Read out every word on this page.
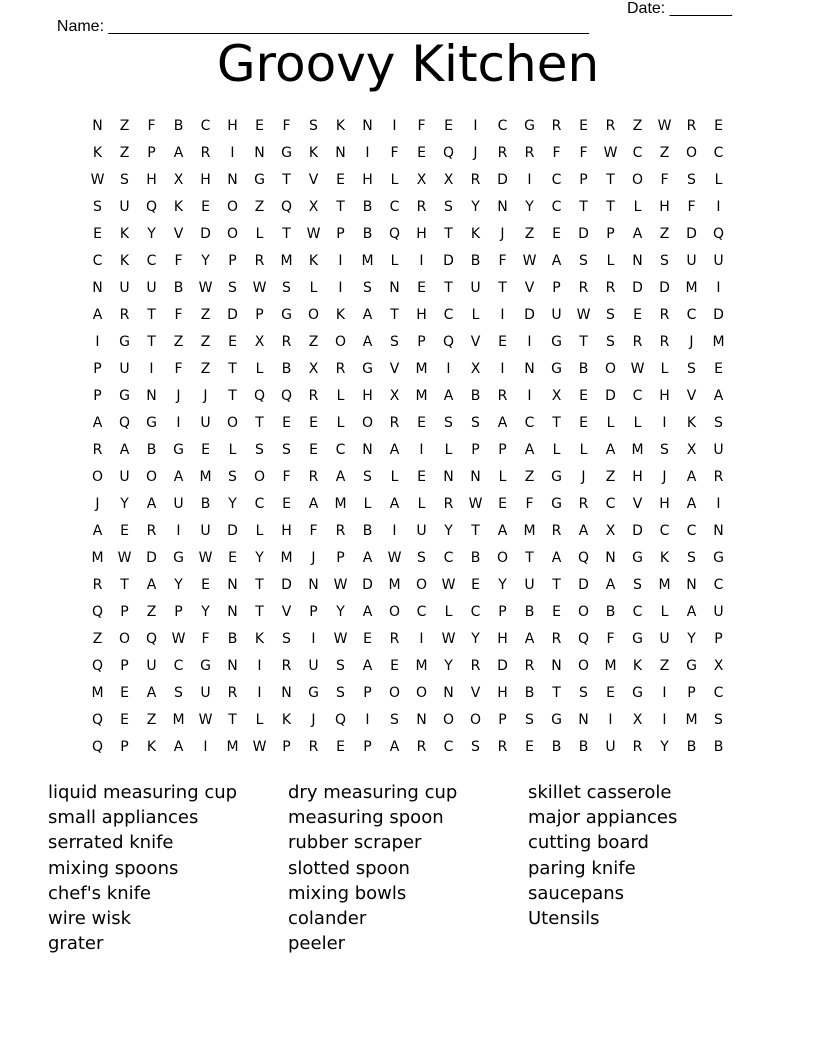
Name: ______________________________________________________

Date: _______

Groovy Kitchen
N	Z	F	B	C	H	E	F	S	K	N	I	F	E	I	C	G	R	E	R	Z	W	R	E
K	Z	P	A	R	I	N	G	K	N	I	F	E	Q	J	R	R	F	F	W	C	Z	O	C
W	S	H	X	H	N	G	T	V	E	H	L	X	X	R	D	I	C	P	T	O	F	S	L
S	U	Q	K	E	O	Z	Q	X	T	B	C	R	S	Y	N	Y	C	T	T	L	H	F	I
E	K	Y	V	D	O	L	T	W	P	B	Q	H	T	K	J	Z	E	D	P	A	Z	D	Q
C	K	C	F	Y	P	R	M	K	I	M	L	I	D	B	F	W	A	S	L	N	S	U	U
N	U	U	B	W	S	W	S	L	I	S	N	E	T	U	T	V	P	R	R	D	D	M	I
A	R	T	F	Z	D	P	G	O	K	A	T	H	C	L	I	D	U	W	S	E	R	C	D
I	G	T	Z	Z	E	X	R	Z	O	A	S	P	Q	V	E	I	G	T	S	R	R	J	M
P	U	I	F	Z	T	L	B	X	R	G	V	M	I	X	I	N	G	B	O	W	L	S	E
P	G	N	J	J	T	Q	Q	R	L	H	X	M	A	B	R	I	X	E	D	C	H	V	A
A	Q	G	I	U	O	T	E	E	L	O	R	E	S	S	A	C	T	E	L	L	I	K	S
R	A	B	G	E	L	S	S	E	C	N	A	I	L	P	P	A	L	L	A	M	S	X	U
O	U	O	A	M	S	O	F	R	A	S	L	E	N	N	L	Z	G	J	Z	H	J	A	R
J	Y	A	U	B	Y	C	E	A	M	L	A	L	R	W	E	F	G	R	C	V	H	A	I
A	E	R	I	U	D	L	H	F	R	B	I	U	Y	T	A	M	R	A	X	D	C	C	N
M	W	D	G	W	E	Y	M	J	P	A	W	S	C	B	O	T	A	Q	N	G	K	S	G
R	T	A	Y	E	N	T	D	N	W	D	M	O	W	E	Y	U	T	D	A	S	M	N	C
Q	P	Z	P	Y	N	T	V	P	Y	A	O	C	L	C	P	B	E	O	B	C	L	A	U
Z	O	Q	W	F	B	K	S	I	W	E	R	I	W	Y	H	A	R	Q	F	G	U	Y	P
Q	P	U	C	G	N	I	R	U	S	A	E	M	Y	R	D	R	N	O	M	K	Z	G	X
M	E	A	S	U	R	I	N	G	S	P	O	O	N	V	H	B	T	S	E	G	I	P	C
Q	E	Z	M	W	T	L	K	J	Q	I	S	N	O	O	P	S	G	N	I	X	I	M	S
Q	P	K	A	I	M	W	P	R	E	P	A	R	C	S	R	E	B	B	U	R	Y	B	B
liquid measuring cup
small appliances
serrated knife
mixing spoons
chef's knife
wire wisk
grater
dry measuring cup
measuring spoon
rubber scraper
slotted spoon
mixing bowls
colander
peeler
skillet casserole
major appiances
cutting board
paring knife
saucepans
Utensils
